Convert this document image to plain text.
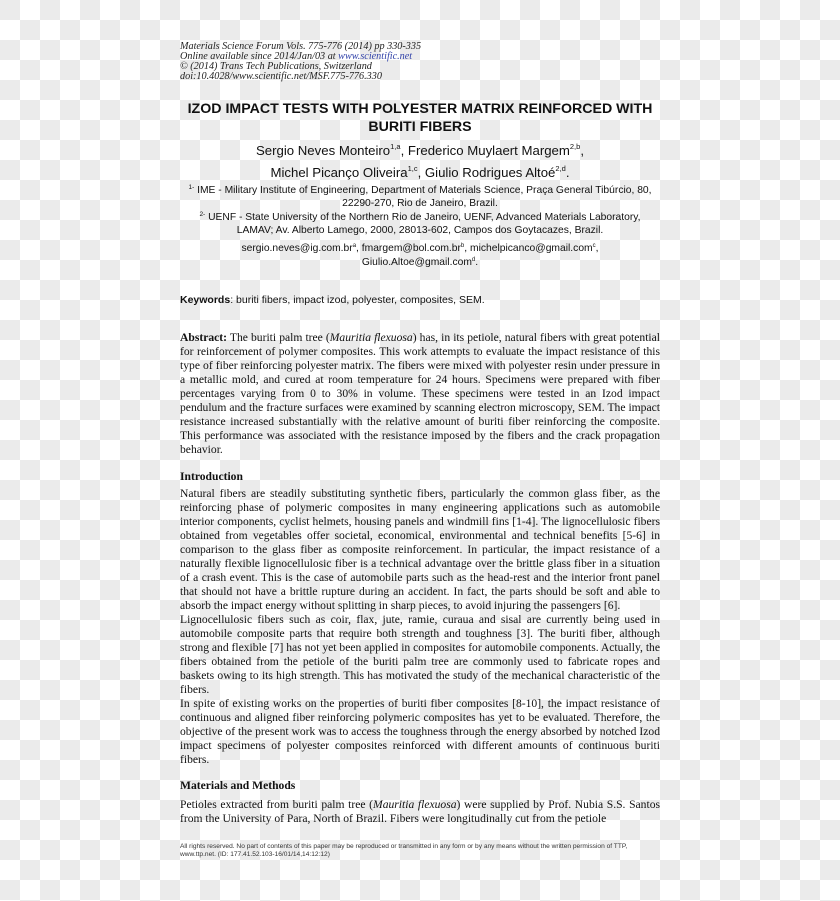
Materials Science Forum Vols. 775-776 (2014) pp 330-335
Online available since 2014/Jan/03 at www.scientific.net
© (2014) Trans Tech Publications, Switzerland
doi:10.4028/www.scientific.net/MSF.775-776.330
IZOD IMPACT TESTS WITH POLYESTER MATRIX REINFORCED WITH BURITI FIBERS
Sergio Neves Monteiro$^{1,a}$, Frederico Muylaert Margem$^{2,b}$,
Michel Picanço Oliveira$^{1,c}$, Giulio Rodrigues Altoé$^{2,d}$.
$^{1-}$ IME - Military Institute of Engineering, Department of Materials Science, Praça General Tibúrcio, 80, 22290-270, Rio de Janeiro, Brazil.
$^{2-}$ UENF - State University of the Northern Rio de Janeiro, UENF, Advanced Materials Laboratory, LAMAV; Av. Alberto Lamego, 2000, 28013-602, Campos dos Goytacazes, Brazil.
$sergio.neves@ig.com.br^a$, $fmargem@bol.com.br^b$, michelpicanco@gmail.com$^c$,
Giulio.Altoe@gmail.com$^d$.
Keywords: buriti fibers, impact izod, polyester, composites, SEM.
Abstract: The buriti palm tree (Mauritia flexuosa) has, in its petiole, natural fibers with great potential for reinforcement of polymer composites. This work attempts to evaluate the impact resistance of this type of fiber reinforcing polyester matrix. The fibers were mixed with polyester resin under pressure in a metallic mold, and cured at room temperature for 24 hours. Specimens were prepared with fiber percentages varying from 0 to 30% in volume. These specimens were tested in an Izod impact pendulum and the fracture surfaces were examined by scanning electron microscopy, SEM. The impact resistance increased substantially with the relative amount of buriti fiber reinforcing the composite. This performance was associated with the resistance imposed by the fibers and the crack propagation behavior.
Introduction

Natural fibers are steadily substituting synthetic fibers, particularly the common glass fiber, as the reinforcing phase of polymeric composites in many engineering applications such as automobile interior components, cyclist helmets, housing panels and windmill fins [1-4]. The lignocellulosic fibers obtained from vegetables offer societal, economical, environmental and technical benefits [5-6] in comparison to the glass fiber as composite reinforcement. In particular, the impact resistance of a naturally flexible lignocellulosic fiber is a technical advantage over the brittle glass fiber in a situation of a crash event. This is the case of automobile parts such as the head-rest and the interior front panel that should not have a brittle rupture during an accident. In fact, the parts should be soft and able to absorb the impact energy without splitting in sharp pieces, to avoid injuring the passengers [6].

Lignocellulosic fibers such as coir, flax, jute, ramie, curaua and sisal are currently being used in automobile composite parts that require both strength and toughness [3]. The buriti fiber, although strong and flexible [7] has not yet been applied in composites for automobile components. Actually, the fibers obtained from the petiole of the buriti palm tree are commonly used to fabricate ropes and baskets owing to its high strength. This has motivated the study of the mechanical characteristic of the fibers.

In spite of existing works on the properties of buriti fiber composites [8-10], the impact resistance of continuous and aligned fiber reinforcing polymeric composites has yet to be evaluated. Therefore, the objective of the present work was to access the toughness through the energy absorbed by notched Izod impact specimens of polyester composites reinforced with different amounts of continuous buriti fibers.

Materials and Methods

Petioles extracted from buriti palm tree (Mauritia flexuosa) were supplied by Prof. Nubia S.S. Santos from the University of Para, North of Brazil. Fibers were longitudinally cut from the petiole

All rights reserved. No part of contents of this paper may be reproduced or transmitted in any form or by any means without the written permission of TTP, www.ttp.net. (ID: 177.41.52.103-16/01/14,14:12:12)
